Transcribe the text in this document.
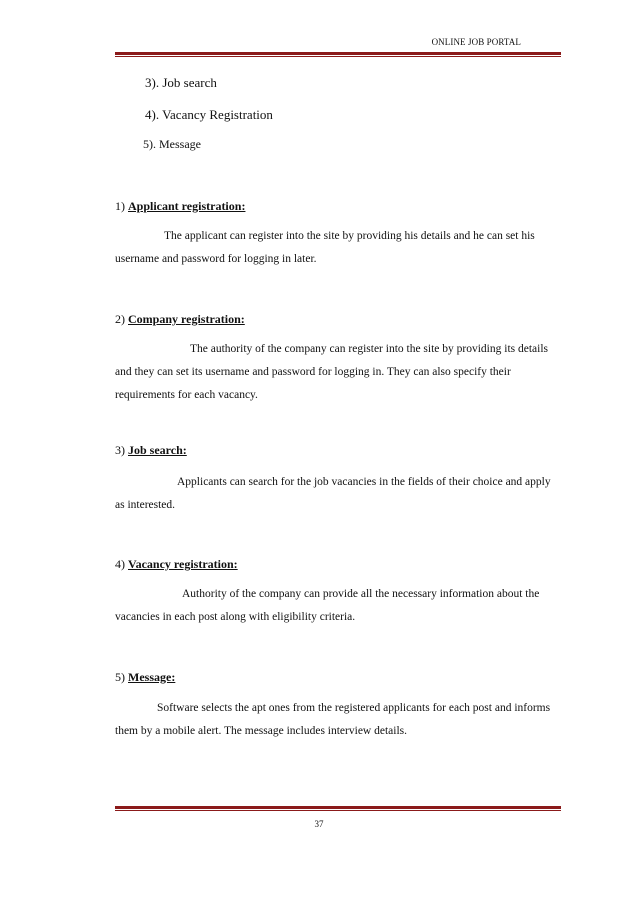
ONLINE JOB PORTAL
3). Job search
4). Vacancy Registration
5). Message
1) Applicant registration:
The applicant can register into the site by providing his details and he can set his
username and password for logging in later.
2) Company registration:
The authority of the company can register into the site by providing its details
and they can set its username and password for logging in. They can also specify their
requirements for each vacancy.
3) Job search:
Applicants can search for the job vacancies in the fields of their choice and apply
as interested.
4) Vacancy registration:
Authority of the company can provide all the necessary information about the
vacancies in each post along with eligibility criteria.
5) Message:
Software selects the apt ones from the registered applicants for each post and informs
them by a mobile alert. The message includes interview details.
37
